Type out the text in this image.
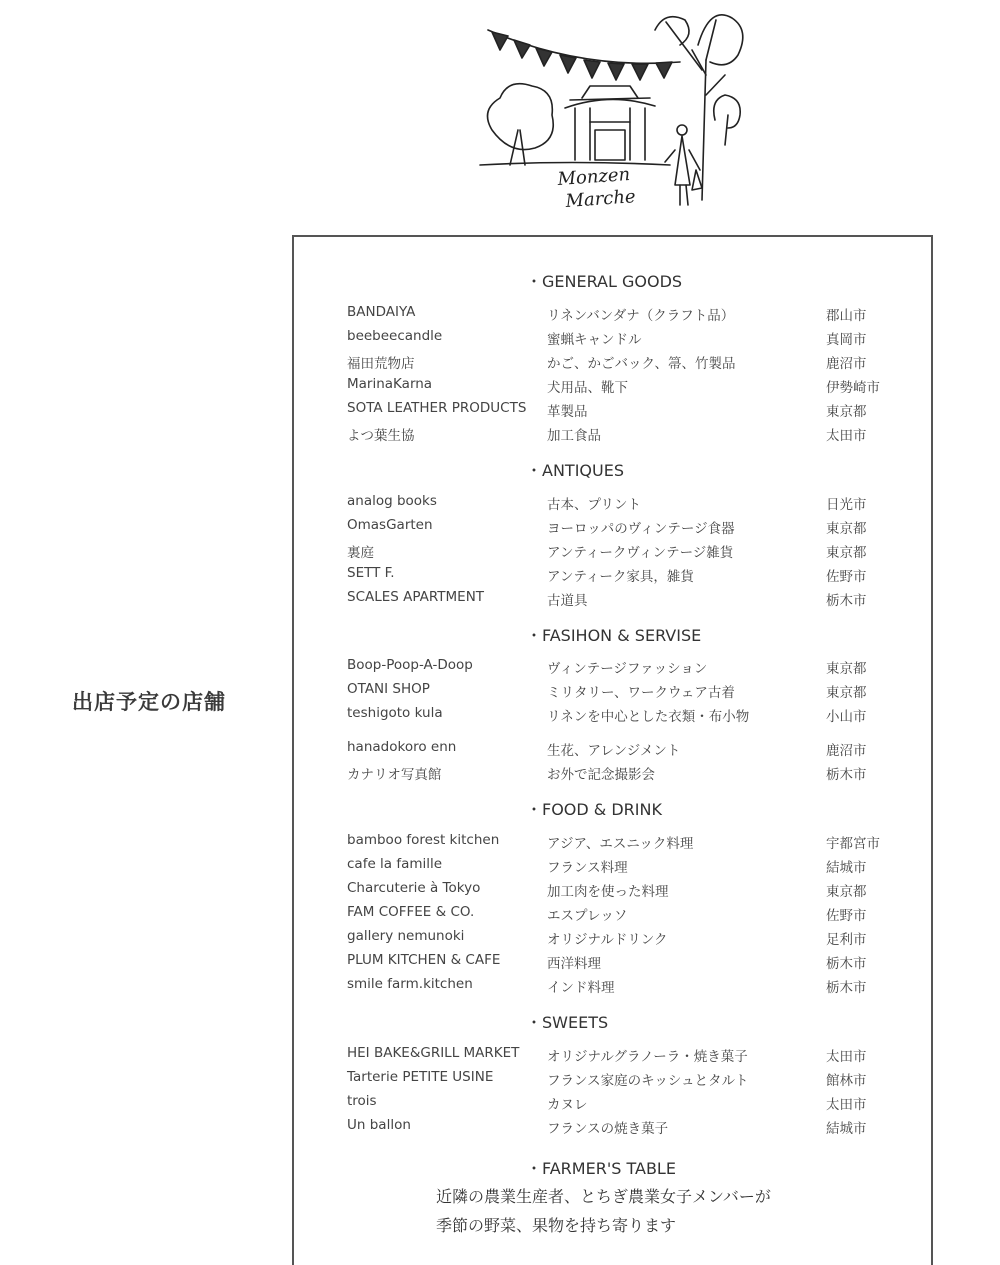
Monzen
Marche
出店予定の店舗
・GENERAL GOODS
BANDAIYA	リネンバンダナ（クラフト品）	郡山市
beebeecandle	蜜蝋キャンドル	真岡市
福田荒物店	かご、かごバック、箒、竹製品	鹿沼市
MarinaKarna	犬用品、靴下	伊勢崎市
SOTA LEATHER PRODUCTS 革製品	東京都
よつ葉生協	加工食品	太田市
・ANTIQUES
analog books	古本、プリント	日光市
OmasGarten	ヨーロッパのヴィンテージ食器	東京都
裏庭	アンティークヴィンテージ雑貨	東京都
SETT F.	アンティーク家具，雑貨	佐野市
SCALES APARTMENT	古道具	栃木市
・FASIHON & SERVISE
Boop-Poop-A-Doop	ヴィンテージファッション	東京都
OTANI SHOP	ミリタリー、ワークウェア古着	東京都
teshigoto kula	リネンを中心とした衣類・布小物	小山市
hanadokoro enn	生花、アレンジメント	鹿沼市
カナリオ写真館	お外で記念撮影会	栃木市
・FOOD & DRINK
bamboo forest kitchen	アジア、エスニック料理	宇都宮市
cafe la famille	フランス料理	結城市
Charcuterie à Tokyo	加工肉を使った料理	東京都
FAM COFFEE & CO.	エスプレッソ	佐野市
gallery nemunoki	オリジナルドリンク	足利市
PLUM KITCHEN & CAFE	西洋料理	栃木市
smile farm.kitchen	インド料理	栃木市
・SWEETS
HEI BAKE&GRILL MARKET オリジナルグラノーラ・焼き菓子	太田市
Tarterie PETITE USINE	フランス家庭のキッシュとタルト	館林市
trois	カヌレ	太田市
Un ballon	フランスの焼き菓子	結城市
・FARMER'S TABLE
近隣の農業生産者、とちぎ農業女子メンバーが
季節の野菜、果物を持ち寄ります
